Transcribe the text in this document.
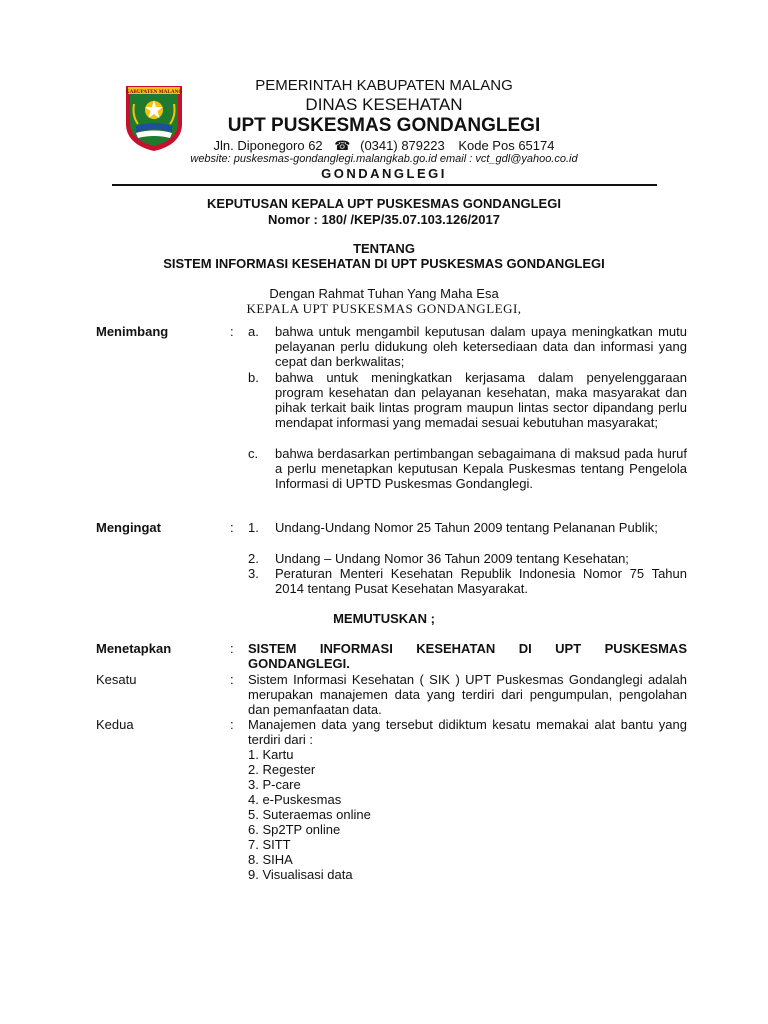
KABUPATEN MALANG	PEMERINTAH KABUPATEN MALANG
DINAS KESEHATAN
UPT PUSKESMAS GONDANGLEGI
Jln. Diponegoro 62 ☎ (0341) 879223 Kode Pos 65174
website: puskesmas-gondanglegi.malangkab.go.id email : vct_gdl@yahoo.co.id
GONDANGLEGI
KEPUTUSAN KEPALA UPT PUSKESMAS GONDANGLEGI
Nomor : 180/ /KEP/35.07.103.126/2017
TENTANG
SISTEM INFORMASI KESEHATAN DI UPT PUSKESMAS GONDANGLEGI
Dengan Rahmat Tuhan Yang Maha Esa
KEPALA UPT PUSKESMAS GONDANGLEGI,
Menimbang	: a. bahwa untuk mengambil keputusan dalam upaya meningkatkan mutu pelayanan perlu didukung oleh ketersediaan data dan informasi yang cepat dan berkwalitas;
b. bahwa untuk meningkatkan kerjasama dalam penyelenggaraan program kesehatan dan pelayanan kesehatan, maka masyarakat dan pihak terkait baik lintas program maupun lintas sector dipandang perlu mendapat informasi yang memadai sesuai kebutuhan masyarakat;
c. bahwa berdasarkan pertimbangan sebagaimana di maksud pada huruf a perlu menetapkan keputusan Kepala Puskesmas tentang Pengelola Informasi di UPTD Puskesmas Gondanglegi.
Mengingat	: 1. Undang-Undang Nomor 25 Tahun 2009 tentang Pelananan Publik;
2. Undang – Undang Nomor 36 Tahun 2009 tentang Kesehatan;
3. Peraturan Menteri Kesehatan Republik Indonesia Nomor 75 Tahun 2014 tentang Pusat Kesehatan Masyarakat.
MEMUTUSKAN ;
Menetapkan	: SISTEM INFORMASI KESEHATAN DI UPT PUSKESMAS GONDANGLEGI.
Kesatu	: Sistem Informasi Kesehatan ( SIK ) UPT Puskesmas Gondanglegi adalah merupakan manajemen data yang terdiri dari pengumpulan, pengolahan dan pemanfaatan data.
Kedua	: Manajemen data yang tersebut didiktum kesatu memakai alat bantu yang terdiri dari :
1. Kartu
2. Regester
3. P-care
4. e-Puskesmas
5. Suteraemas online
6. Sp2TP online
7. SITT
8. SIHA
9. Visualisasi data
